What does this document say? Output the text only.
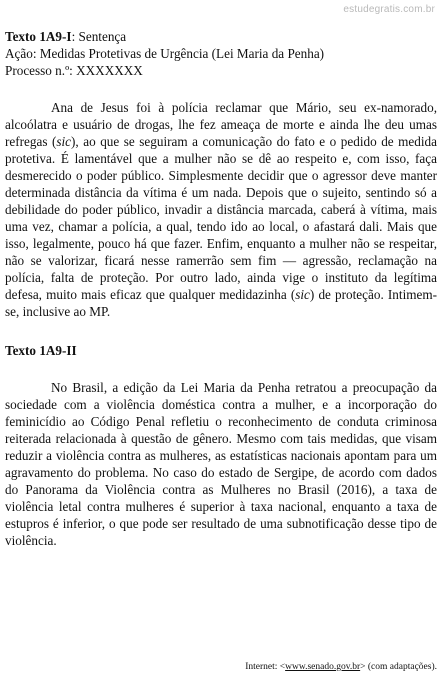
estudegratis.com.br

Texto 1A9-I: Sentença

Ação: Medidas Protetivas de Urgência (Lei Maria da Penha)

Processo n.º: XXXXXXX

Ana de Jesus foi à polícia reclamar que Mário, seu ex-namorado, alcoólatra e usuário de drogas, lhe fez ameaça de morte e ainda lhe deu umas refregas (sic), ao que se seguiram a comunicação do fato e o pedido de medida protetiva. É lamentável que a mulher não se dê ao respeito e, com isso, faça desmerecido o poder público. Simplesmente decidir que o agressor deve manter determinada distância da vítima é um nada. Depois que o sujeito, sentindo só a debilidade do poder público, invadir a distância marcada, caberá à vítima, mais uma vez, chamar a polícia, a qual, tendo ido ao local, o afastará dali. Mais que isso, legalmente, pouco há que fazer. Enfim, enquanto a mulher não se respeitar, não se valorizar, ficará nesse ramerrão sem fim — agressão, reclamação na polícia, falta de proteção. Por outro lado, ainda vige o instituto da legítima defesa, muito mais eficaz que qualquer medidazinha (sic) de proteção. Intimem-se, inclusive ao MP.

Texto 1A9-II

No Brasil, a edição da Lei Maria da Penha retratou a preocupação da sociedade com a violência doméstica contra a mulher, e a incorporação do feminicídio ao Código Penal refletiu o reconhecimento de conduta criminosa reiterada relacionada à questão de gênero. Mesmo com tais medidas, que visam reduzir a violência contra as mulheres, as estatísticas nacionais apontam para um agravamento do problema. No caso do estado de Sergipe, de acordo com dados do Panorama da Violência contra as Mulheres no Brasil (2016), a taxa de violência letal contra mulheres é superior à taxa nacional, enquanto a taxa de estupros é inferior, o que pode ser resultado de uma subnotificação desse tipo de violência.

Internet: <www.senado.gov.br> (com adaptações).
